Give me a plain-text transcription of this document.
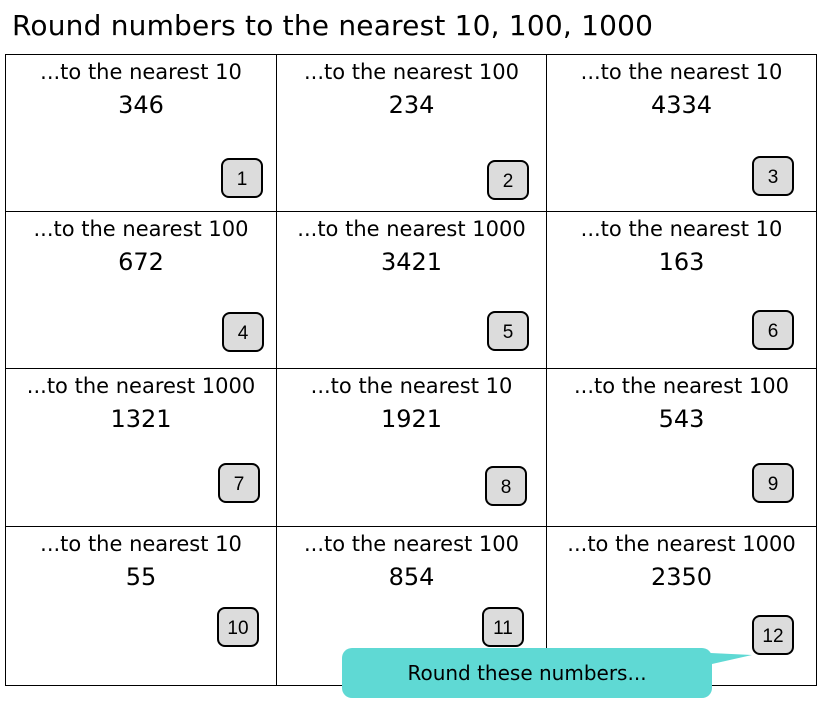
Round numbers to the nearest 10, 100, 1000
...to the nearest 10
346
1
...to the nearest 100
234
2
...to the nearest 10
4334
3
...to the nearest 100
672
4
...to the nearest 1000
3421
5
...to the nearest 10
163
6
...to the nearest 1000
1321
7
...to the nearest 10
1921
8
...to the nearest 100
543
9
...to the nearest 10
55
10
...to the nearest 100
854
11
...to the nearest 1000
2350
12
Round these numbers...
